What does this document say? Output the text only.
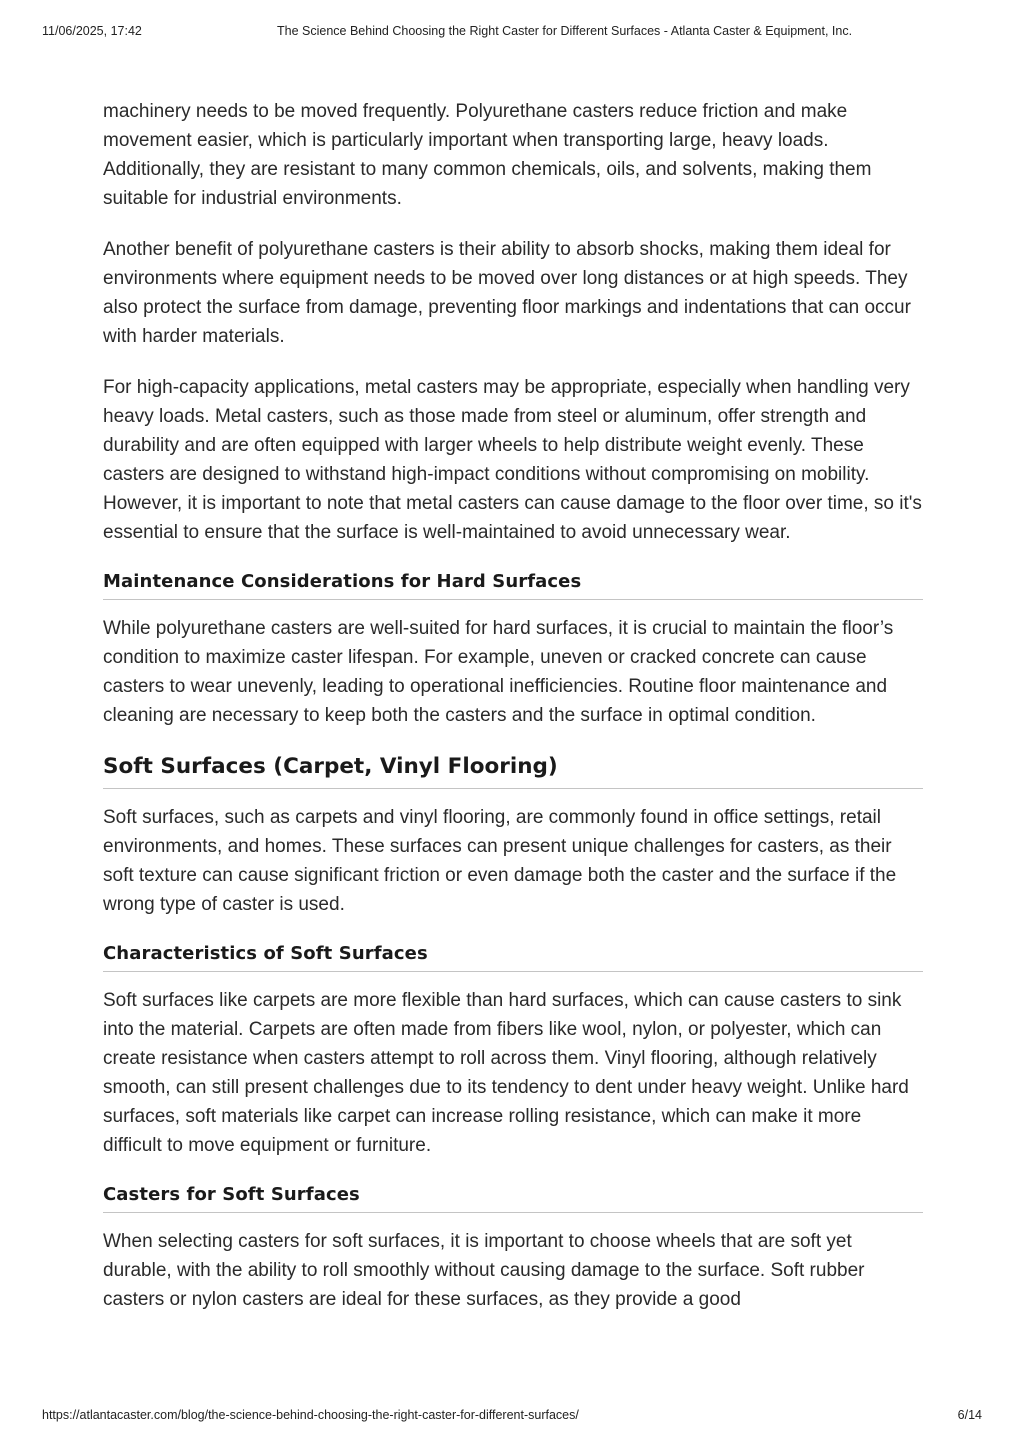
11/06/2025, 17:42	The Science Behind Choosing the Right Caster for Different Surfaces - Atlanta Caster & Equipment, Inc.

machinery needs to be moved frequently. Polyurethane casters reduce friction and make movement easier, which is particularly important when transporting large, heavy loads. Additionally, they are resistant to many common chemicals, oils, and solvents, making them suitable for industrial environments.

Another benefit of polyurethane casters is their ability to absorb shocks, making them ideal for environments where equipment needs to be moved over long distances or at high speeds. They also protect the surface from damage, preventing floor markings and indentations that can occur with harder materials.

For high-capacity applications, metal casters may be appropriate, especially when handling very heavy loads. Metal casters, such as those made from steel or aluminum, offer strength and durability and are often equipped with larger wheels to help distribute weight evenly. These casters are designed to withstand high-impact conditions without compromising on mobility. However, it is important to note that metal casters can cause damage to the floor over time, so it's essential to ensure that the surface is well-maintained to avoid unnecessary wear.

Maintenance Considerations for Hard Surfaces

While polyurethane casters are well-suited for hard surfaces, it is crucial to maintain the floor’s condition to maximize caster lifespan. For example, uneven or cracked concrete can cause casters to wear unevenly, leading to operational inefficiencies. Routine floor maintenance and cleaning are necessary to keep both the casters and the surface in optimal condition.

Soft Surfaces (Carpet, Vinyl Flooring)

Soft surfaces, such as carpets and vinyl flooring, are commonly found in office settings, retail environments, and homes. These surfaces can present unique challenges for casters, as their soft texture can cause significant friction or even damage both the caster and the surface if the wrong type of caster is used.

Characteristics of Soft Surfaces

Soft surfaces like carpets are more flexible than hard surfaces, which can cause casters to sink into the material. Carpets are often made from fibers like wool, nylon, or polyester, which can create resistance when casters attempt to roll across them. Vinyl flooring, although relatively smooth, can still present challenges due to its tendency to dent under heavy weight. Unlike hard surfaces, soft materials like carpet can increase rolling resistance, which can make it more difficult to move equipment or furniture.

Casters for Soft Surfaces

When selecting casters for soft surfaces, it is important to choose wheels that are soft yet durable, with the ability to roll smoothly without causing damage to the surface. Soft rubber casters or nylon casters are ideal for these surfaces, as they provide a good

https://atlantacaster.com/blog/the-science-behind-choosing-the-right-caster-for-different-surfaces/	6/14
